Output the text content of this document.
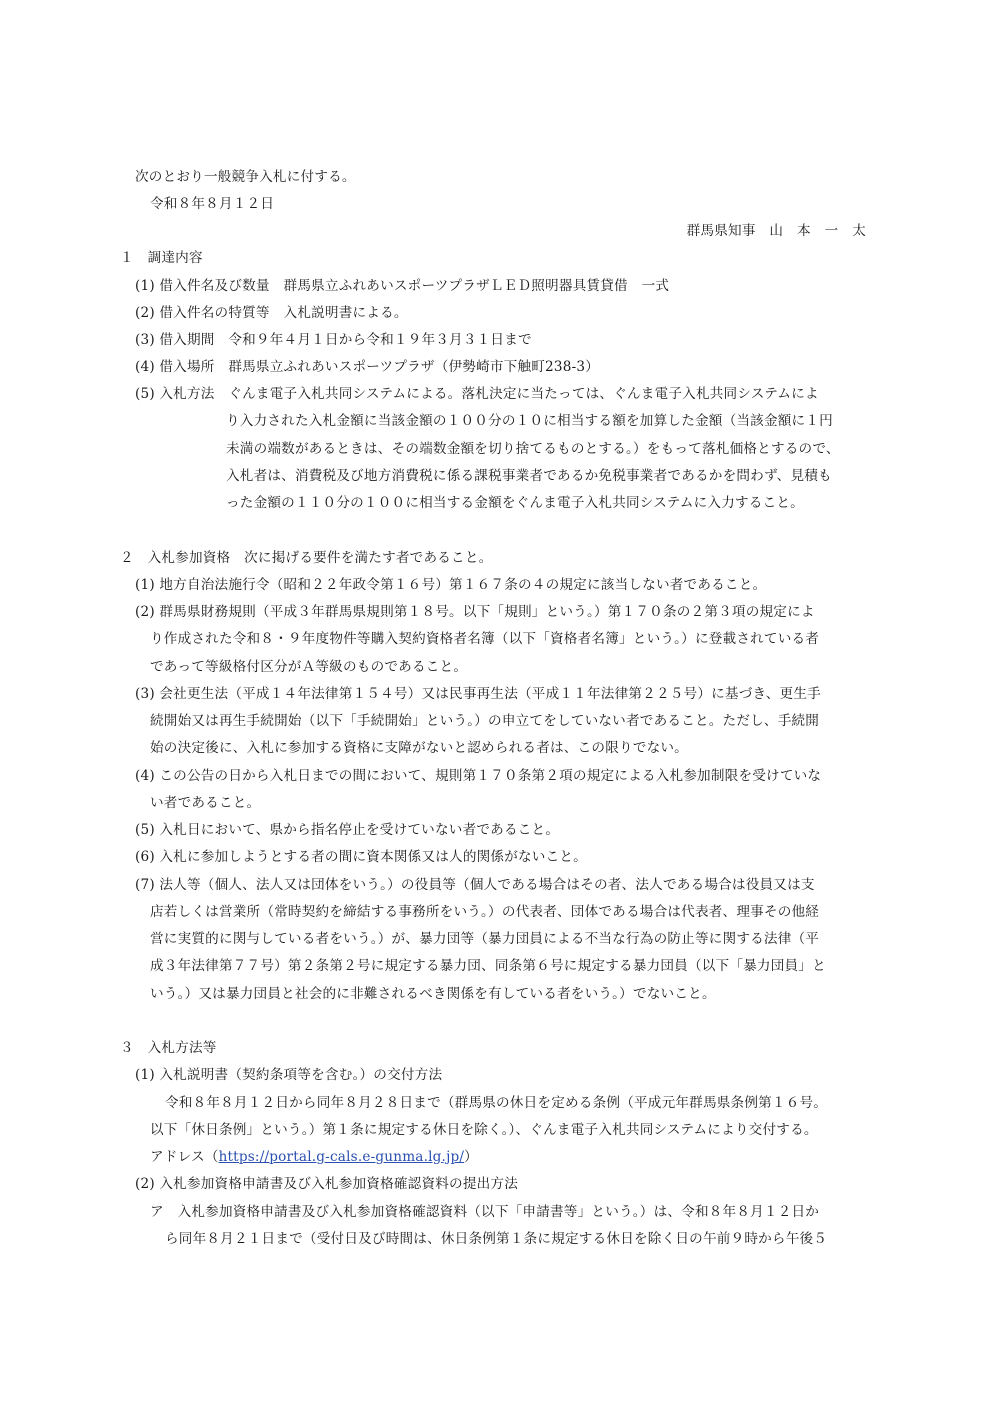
次のとおり一般競争入札に付する。
令和８年８月１２日
群馬県知事　山　本　一　太
１　調達内容
(1) 借入件名及び数量　群馬県立ふれあいスポーツプラザＬＥＤ照明器具賃貸借　一式
(2) 借入件名の特質等　入札説明書による。
(3) 借入期間　令和９年４月１日から令和１９年３月３１日まで
(4) 借入場所　群馬県立ふれあいスポーツプラザ（伊勢崎市下触町238-3）
(5) 入札方法　ぐんま電子入札共同システムによる。落札決定に当たっては、ぐんま電子入札共同システムによ
り入力された入札金額に当該金額の１００分の１０に相当する額を加算した金額（当該金額に１円
未満の端数があるときは、その端数金額を切り捨てるものとする。）をもって落札価格とするので、
入札者は、消費税及び地方消費税に係る課税事業者であるか免税事業者であるかを問わず、見積も
った金額の１１０分の１００に相当する金額をぐんま電子入札共同システムに入力すること。
２　入札参加資格　次に掲げる要件を満たす者であること。
(1) 地方自治法施行令（昭和２２年政令第１６号）第１６７条の４の規定に該当しない者であること。
(2) 群馬県財務規則（平成３年群馬県規則第１８号。以下「規則」という。）第１７０条の２第３項の規定によ
り作成された令和８・９年度物件等購入契約資格者名簿（以下「資格者名簿」という。）に登載されている者
であって等級格付区分がＡ等級のものであること。
(3) 会社更生法（平成１４年法律第１５４号）又は民事再生法（平成１１年法律第２２５号）に基づき、更生手
続開始又は再生手続開始（以下「手続開始」という。）の申立てをしていない者であること。ただし、手続開
始の決定後に、入札に参加する資格に支障がないと認められる者は、この限りでない。
(4) この公告の日から入札日までの間において、規則第１７０条第２項の規定による入札参加制限を受けていな
い者であること。
(5) 入札日において、県から指名停止を受けていない者であること。
(6) 入札に参加しようとする者の間に資本関係又は人的関係がないこと。
(7) 法人等（個人、法人又は団体をいう。）の役員等（個人である場合はその者、法人である場合は役員又は支
店若しくは営業所（常時契約を締結する事務所をいう。）の代表者、団体である場合は代表者、理事その他経
営に実質的に関与している者をいう。）が、暴力団等（暴力団員による不当な行為の防止等に関する法律（平
成３年法律第７７号）第２条第２号に規定する暴力団、同条第６号に規定する暴力団員（以下「暴力団員」と
いう。）又は暴力団員と社会的に非難されるべき関係を有している者をいう。）でないこと。
３　入札方法等
(1) 入札説明書（契約条項等を含む。）の交付方法
令和８年８月１２日から同年８月２８日まで（群馬県の休日を定める条例（平成元年群馬県条例第１６号。
以下「休日条例」という。）第１条に規定する休日を除く。）、ぐんま電子入札共同システムにより交付する。
アドレス（https://portal.g-cals.e-gunma.lg.jp/）
(2) 入札参加資格申請書及び入札参加資格確認資料の提出方法
ア　入札参加資格申請書及び入札参加資格確認資料（以下「申請書等」という。）は、令和８年８月１２日か
ら同年８月２１日まで（受付日及び時間は、休日条例第１条に規定する休日を除く日の午前９時から午後５
